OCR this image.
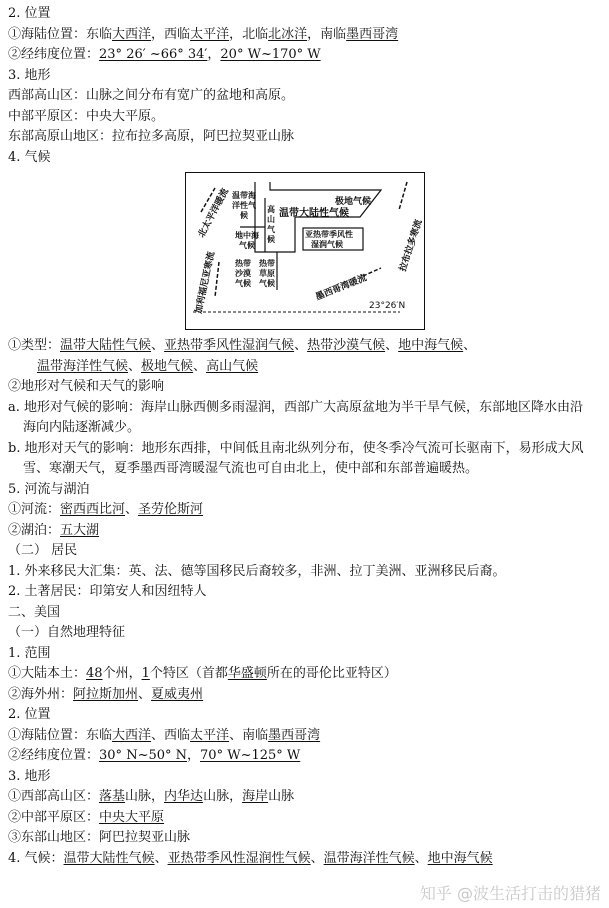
2. 位置
①海陆位置：东临大西洋，西临太平洋，北临北冰洋，南临墨西哥湾
②经纬度位置：23° 26′ ~66° 34′，20° W~170° W
3. 地形
西部高山区：山脉之间分布有宽广的盆地和高原。
中部平原区：中央大平原。
东部高原山地区：拉布拉多高原，阿巴拉契亚山脉
4. 气候
极地气候
温带大陆性气候
温带海
洋性气
候
高
山
气
候
地中海
气候
亚热带季风性
湿润气候
热带
沙漠
气候
热带
草原
气候
北太平洋暖流
加利福尼亚寒流
拉布拉多寒流
墨西哥湾暖流
23°26′N
①类型：温带大陆性气候、亚热带季风性湿润气候、热带沙漠气候、地中海气候、
温带海洋性气候、极地气候、高山气候
②地形对气候和天气的影响
a. 地形对气候的影响：海岸山脉西侧多雨湿润，西部广大高原盆地为半干旱气候，东部地区降水由沿海向内陆逐渐减少。
b. 地形对天气的影响：地形东西排，中间低且南北纵列分布，使冬季冷气流可长驱南下，易形成大风雪、寒潮天气，夏季墨西哥湾暖湿气流也可自由北上，使中部和东部普遍暖热。
5. 河流与湖泊
①河流：密西西比河、圣劳伦斯河
②湖泊：五大湖
（二） 居民
1. 外来移民大汇集：英、法、德等国移民后裔较多，非洲、拉丁美洲、亚洲移民后裔。
2. 土著居民：印第安人和因纽特人
二、美国
（一）自然地理特征
1. 范围
①大陆本土：48个州，1个特区（首都华盛顿所在的哥伦比亚特区）
②海外州：阿拉斯加州、夏威夷州
2. 位置
①海陆位置：东临大西洋、西临太平洋、南临墨西哥湾
②经纬度位置：30° N~50° N，70° W~125° W
3. 地形
①西部高山区：落基山脉，内华达山脉，海岸山脉
②中部平原区：中央大平原
③东部山地区：阿巴拉契亚山脉
4. 气候：温带大陆性气候、亚热带季风性湿润性气候、温带海洋性气候、地中海气候
知乎 @波生活打击的猎猪
